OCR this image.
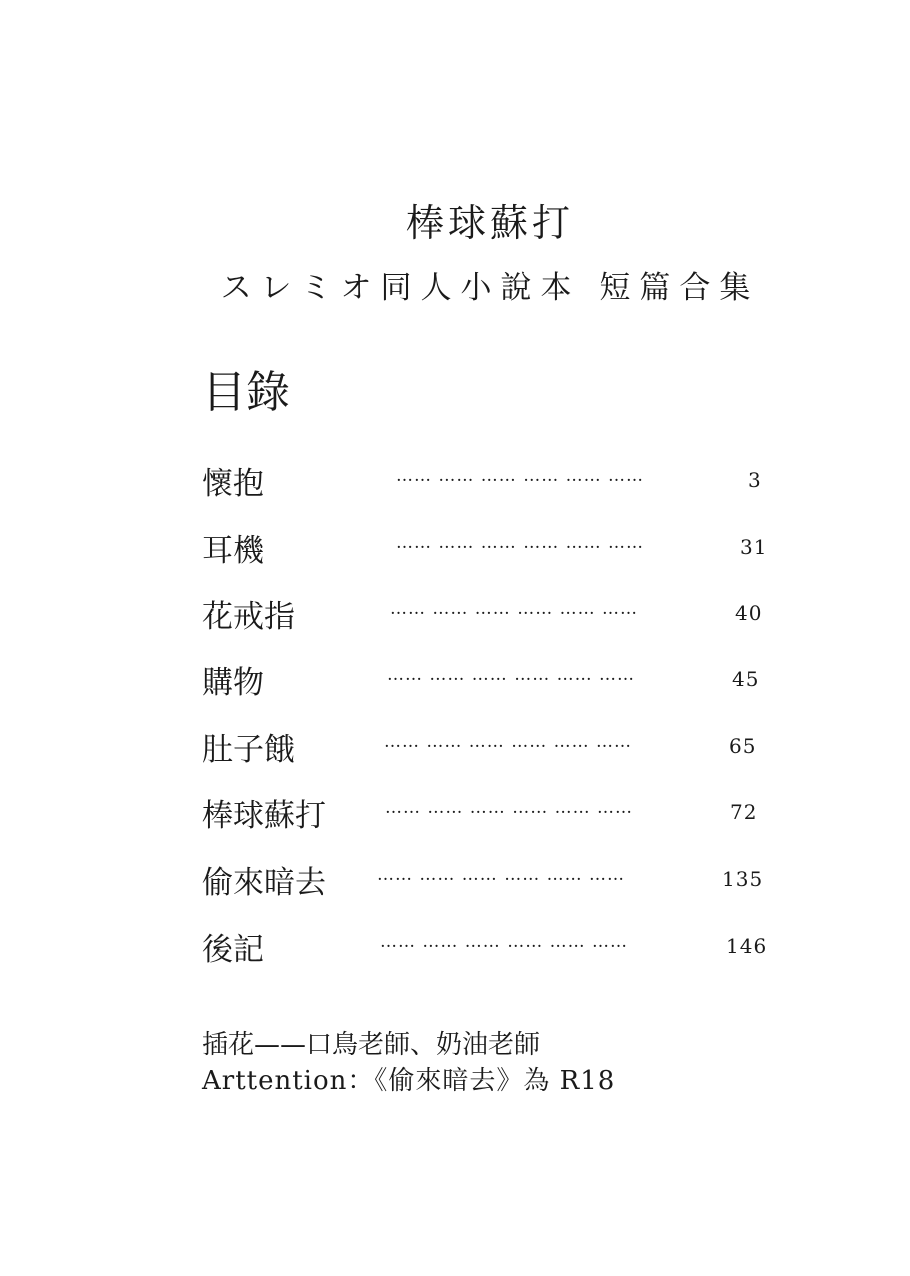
棒球蘇打
スレミオ同人小說本 短篇合集
目錄
懷抱	…… …… …… …… …… ……	3
耳機	…… …… …… …… …… ……	31
花戒指	…… …… …… …… …… ……	40
購物	…… …… …… …… …… ……	45
肚子餓	…… …… …… …… …… ……	65
棒球蘇打	…… …… …… …… …… ……	72
偷來暗去	…… …… …… …… …… ……	135
後記	…… …… …… …… …… ……	146
插花——口鳥老師、奶油老師
Arttention：《偷來暗去》為 R18
